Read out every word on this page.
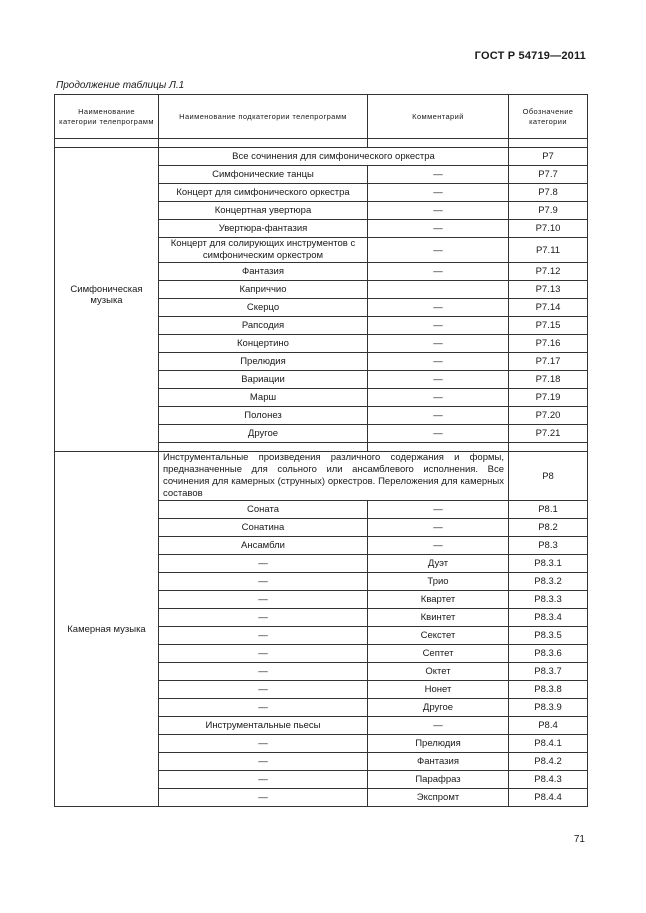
ГОСТ Р 54719—2011
Продолжение таблицы Л.1
Наименование категории телепрограмм	Наименование подкатегории телепрограмм	Комментарий	Обозначение категории

Симфоническая музыка	Все сочинения для симфонического оркестра		P7
	Симфонические танцы	—	P7.7
	Концерт для симфонического оркестра	—	P7.8
	Концертная увертюра	—	P7.9
	Увертюра-фантазия	—	P7.10
	Концерт для солирующих инструментов с симфоническим оркестром	—	P7.11
	Фантазия	—	P7.12
	Каприччио		P7.13
	Скерцо	—	P7.14
	Рапсодия	—	P7.15
	Концертино	—	P7.16
	Прелюдия	—	P7.17
	Вариации	—	P7.18
	Марш	—	P7.19
	Полонез	—	P7.20
	Другое	—	P7.21

Камерная музыка	Инструментальные произведения различного содержания и формы, предназначенные для сольного или ансамблевого исполнения. Все сочинения для камерных (струнных) оркестров. Переложения для камерных составов		P8
	Соната	—	P8.1
	Сонатина	—	P8.2
	Ансамбли	—	P8.3
	—	Дуэт	P8.3.1
	—	Трио	P8.3.2
	—	Квартет	P8.3.3
	—	Квинтет	P8.3.4
	—	Секстет	P8.3.5
	—	Септет	P8.3.6
	—	Октет	P8.3.7
	—	Нонет	P8.3.8
	—	Другое	P8.3.9
	Инструментальные пьесы	—	P8.4
	—	Прелюдия	P8.4.1
	—	Фантазия	P8.4.2
	—	Парафраз	P8.4.3
	—	Экспромт	P8.4.4
71
